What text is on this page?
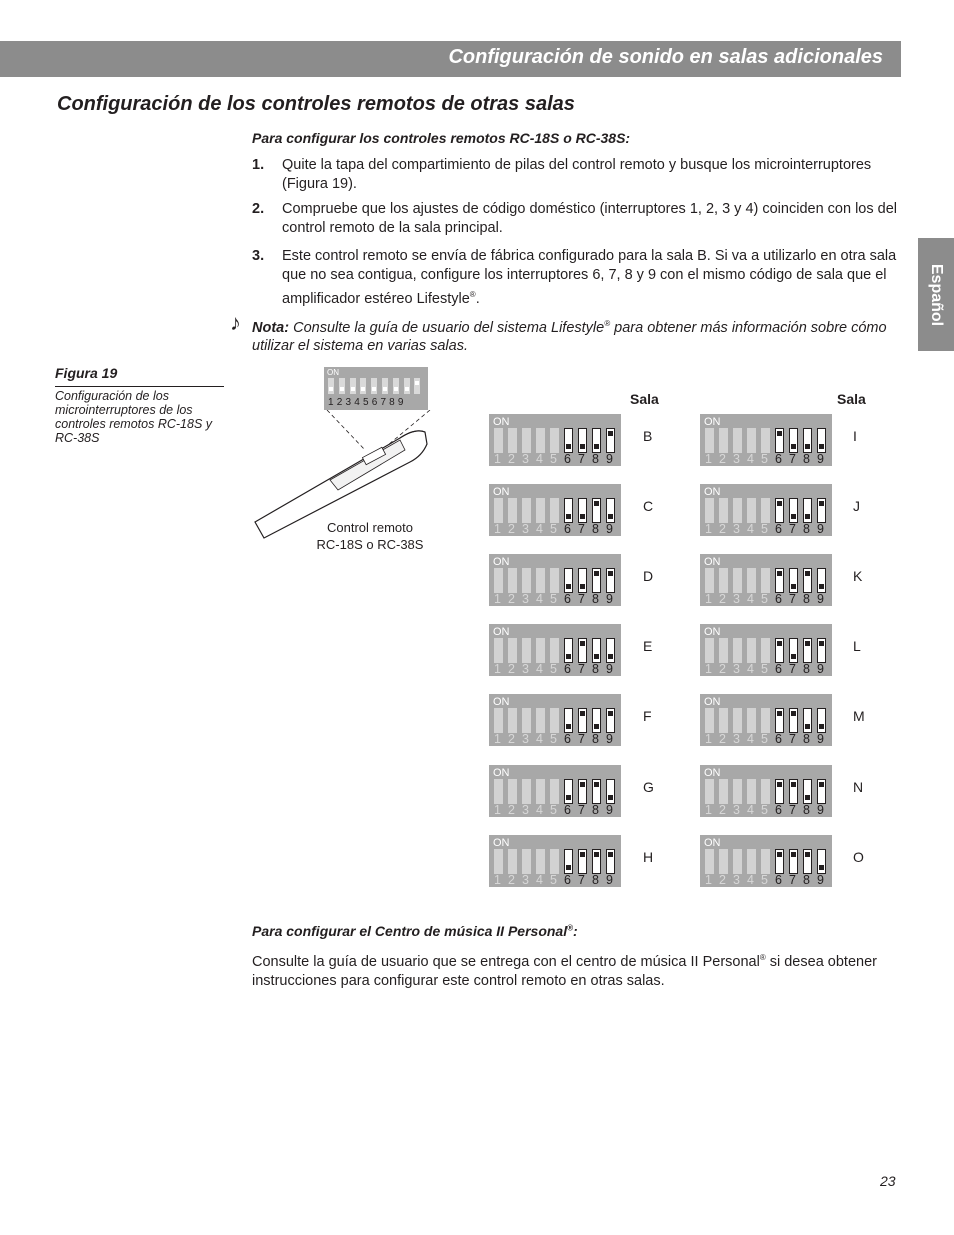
Configuración de sonido en salas adicionales
Español
Configuración de los controles remotos de otras salas
Para configurar los controles remotos RC-18S o RC-38S:
1. Quite la tapa del compartimiento de pilas del control remoto y busque los microinterruptores (Figura 19).
2. Compruebe que los ajustes de código doméstico (interruptores 1, 2, 3 y 4) coinciden con los del control remoto de la sala principal.
3. Este control remoto se envía de fábrica configurado para la sala B. Si va a utilizarlo en otra sala que no sea contigua, configure los interruptores 6, 7, 8 y 9 con el mismo código de sala que el amplificador estéreo Lifestyle®.
♪ Nota: Consulte la guía de usuario del sistema Lifestyle® para obtener más información sobre cómo utilizar el sistema en varias salas.
Figura 19
Configuración de los microinterruptores de los controles remotos RC-18S y RC-38S
ON
1 2 3 4 5 6 7 8 9
Control remoto
RC-18S o RC-38S
Sala	Sala
ON
1 2 3 4 5 6 7 8 9
B
ON
1 2 3 4 5 6 7 8 9
C
ON
1 2 3 4 5 6 7 8 9
D
ON
1 2 3 4 5 6 7 8 9
E
ON
1 2 3 4 5 6 7 8 9
F
ON
1 2 3 4 5 6 7 8 9
G
ON
1 2 3 4 5 6 7 8 9
H
ON
1 2 3 4 5 6 7 8 9
I
ON
1 2 3 4 5 6 7 8 9
J
ON
1 2 3 4 5 6 7 8 9
K
ON
1 2 3 4 5 6 7 8 9
L
ON
1 2 3 4 5 6 7 8 9
M
ON
1 2 3 4 5 6 7 8 9
N
ON
1 2 3 4 5 6 7 8 9
O
Para configurar el Centro de música II Personal®:
Consulte la guía de usuario que se entrega con el centro de música II Personal® si desea obtener instrucciones para configurar este control remoto en otras salas.
23
